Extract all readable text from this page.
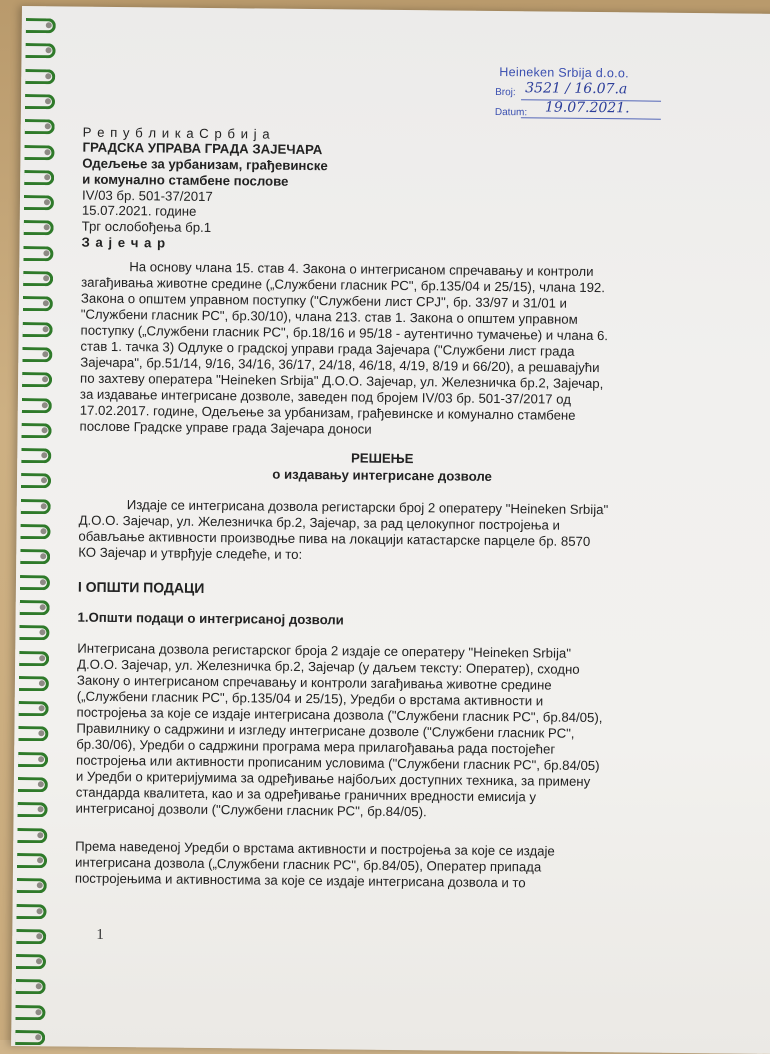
Heineken Srbija d.o.o.
Broj: 3521 / 16.07.a
Datum: 19.07.2021.
Р е п у б л и к а С р б и ј а
ГРАДСКА УПРАВА ГРАДА ЗАЈЕЧАРА
Одељење за урбанизам, грађевинске
и комунално стамбене послове
IV/03 бр. 501-37/2017
15.07.2021. године
Трг ослобођења бр.1
З а ј е ч а р
На основу члана 15. став 4. Закона о интегрисаном спречавању и контроли
загађивања животне средине („Службени гласник РС", бр.135/04 и 25/15), члана 192.
Закона о општем управном поступку ("Службени лист СРЈ", бр. 33/97 и 31/01 и
"Службени гласник РС", бр.30/10), члана 213. став 1. Закона о општем управном
поступку („Службени гласник РС", бр.18/16 и 95/18 - аутентично тумачење) и члана 6.
став 1. тачка 3) Одлуке о градској управи града Зајечара ("Службени лист града
Зајечара", бр.51/14, 9/16, 34/16, 36/17, 24/18, 46/18, 4/19, 8/19 и 66/20), а решавајући
по захтеву оператера "Heineken Srbija" Д.О.О. Зајечар, ул. Железничка бр.2, Зајечар,
за издавање интегрисане дозволе, заведен под бројем IV/03 бр. 501-37/2017 од
17.02.2017. године, Одељење за урбанизам, грађевинске и комунално стамбене
послове Градске управе града Зајечара доноси
РЕШЕЊЕ
о издавању интегрисане дозволе
Издаје се интегрисана дозвола регистарски број 2 оператеру "Heineken Srbija"
Д.О.О. Зајечар, ул. Железничка бр.2, Зајечар, за рад целокупног постројења и
обављање активности производње пива на локацији катастарске парцеле бр. 8570
КО Зајечар и утврђује следеће, и то:
I ОПШТИ ПОДАЦИ
1.Општи подаци о интегрисаној дозволи
Интегрисана дозвола регистарског броја 2 издаје се оператеру "Heineken Srbija"
Д.О.О. Зајечар, ул. Железничка бр.2, Зајечар (у даљем тексту: Оператер), сходно
Закону о интегрисаном спречавању и контроли загађивања животне средине
(„Службени гласник РС", бр.135/04 и 25/15), Уредби о врстама активности и
постројења за које се издаје интегрисана дозвола ("Службени гласник РС", бр.84/05),
Правилнику о садржини и изгледу интегрисане дозволе ("Службени гласник РС",
бр.30/06), Уредби о садржини програма мера прилагођавања рада постојећег
постројења или активности прописаним условима ("Службени гласник РС", бр.84/05)
и Уредби о критеријумима за одређивање најбољих доступних техника, за примену
стандарда квалитета, као и за одређивање граничних вредности емисија у
интегрисаној дозволи ("Службени гласник РС", бр.84/05).
Према наведеној Уредби о врстама активности и постројења за које се издаје
интегрисана дозвола („Службени гласник РС", бр.84/05), Оператер припада
постројењима и активностима за које се издаје интегрисана дозвола и то
1
